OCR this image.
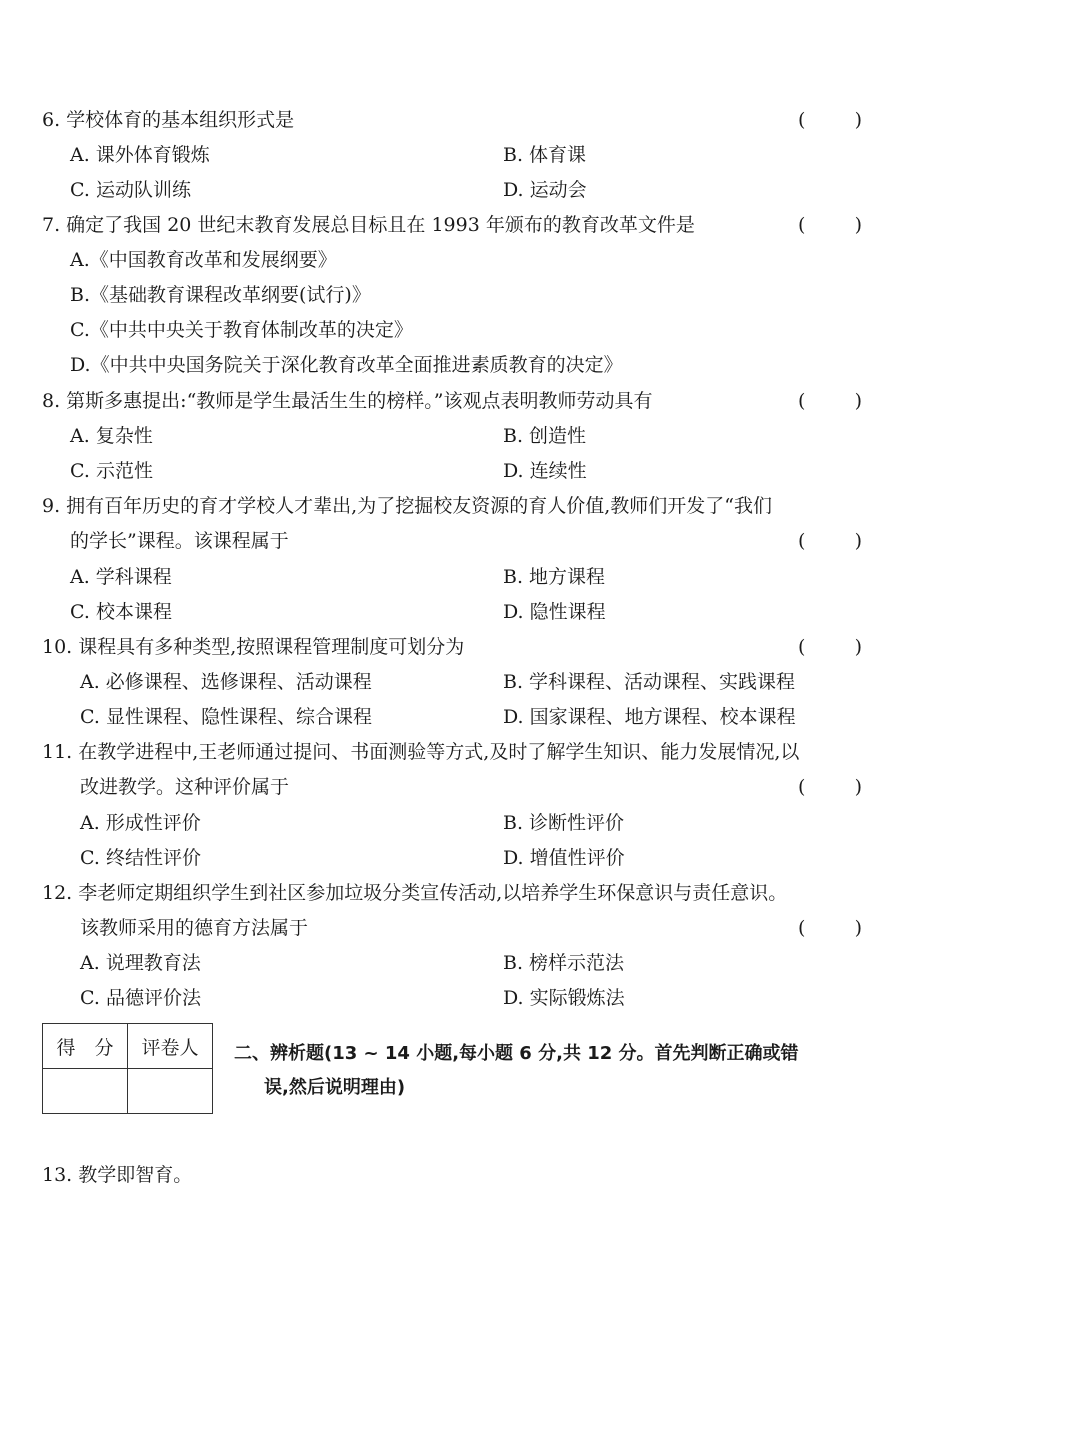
6. 学校体育的基本组织形式是	(	)
A. 课外体育锻炼	B. 体育课
C. 运动队训练	D. 运动会
7. 确定了我国 20 世纪末教育发展总目标且在 1993 年颁布的教育改革文件是	(	)
A.《中国教育改革和发展纲要》
B.《基础教育课程改革纲要(试行)》
C.《中共中央关于教育体制改革的决定》
D.《中共中央国务院关于深化教育改革全面推进素质教育的决定》
8. 第斯多惠提出:“教师是学生最活生生的榜样。”该观点表明教师劳动具有	(	)
A. 复杂性	B. 创造性
C. 示范性	D. 连续性
9. 拥有百年历史的育才学校人才辈出,为了挖掘校友资源的育人价值,教师们开发了“我们
的学长”课程。该课程属于	(	)
A. 学科课程	B. 地方课程
C. 校本课程	D. 隐性课程
10. 课程具有多种类型,按照课程管理制度可划分为	(	)
A. 必修课程、选修课程、活动课程	B. 学科课程、活动课程、实践课程
C. 显性课程、隐性课程、综合课程	D. 国家课程、地方课程、校本课程
11. 在教学进程中,王老师通过提问、书面测验等方式,及时了解学生知识、能力发展情况,以
改进教学。这种评价属于	(	)
A. 形成性评价	B. 诊断性评价
C. 终结性评价	D. 增值性评价
12. 李老师定期组织学生到社区参加垃圾分类宣传活动,以培养学生环保意识与责任意识。
该教师采用的德育方法属于	(	)
A. 说理教育法	B. 榜样示范法
C. 品德评价法	D. 实际锻炼法
得　分	评卷人
	二、辨析题(13 ~ 14 小题,每小题 6 分,共 12 分。首先判断正确或错
误,然后说明理由)
13. 教学即智育。
